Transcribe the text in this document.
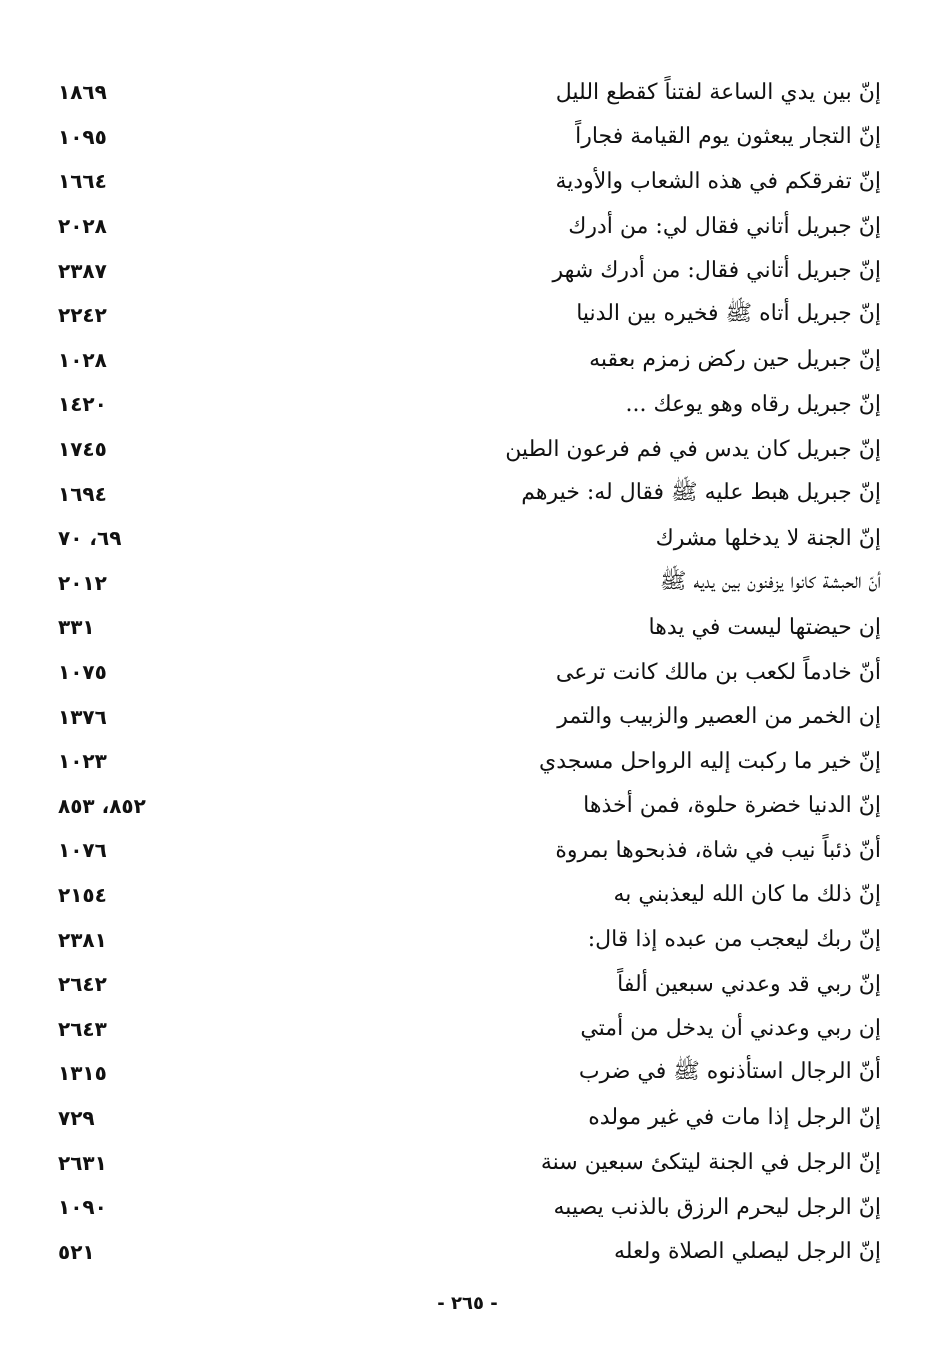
١٨٦٩	إنّ بين يدي الساعة لفتناً كقطع الليل
١٠٩٥	إنّ التجار يبعثون يوم القيامة فجاراً
١٦٦٤	إنّ تفرقكم في هذه الشعاب والأودية
٢٠٢٨	إنّ جبريل أتاني فقال لي: من أدرك
٢٣٨٧	إنّ جبريل أتاني فقال: من أدرك شهر
٢٢٤٢	إنّ جبريل أتاه ﷺ فخيره بين الدنيا
١٠٢٨	إنّ جبريل حين ركض زمزم بعقبه
١٤٢٠	إنّ جبريل رقاه وهو يوعك ...
١٧٤٥	إنّ جبريل كان يدس في فم فرعون الطين
١٦٩٤	إنّ جبريل هبط عليه ﷺ فقال له: خيرهم
٦٩، ٧٠	إنّ الجنة لا يدخلها مشرك
٢٠١٢	أنّ الحبشة كانوا يزفنون بين يديه ﷺ
٣٣١	إن حيضتها ليست في يدها
١٠٧٥	أنّ خادماً لكعب بن مالك كانت ترعى
١٣٧٦	إن الخمر من العصير والزبيب والتمر
١٠٢٣	إنّ خير ما ركبت إليه الرواحل مسجدي
٨٥٢، ٨٥٣	إنّ الدنيا خضرة حلوة، فمن أخذها
١٠٧٦	أنّ ذئباً نيب في شاة، فذبحوها بمروة
٢١٥٤	إنّ ذلك ما كان الله ليعذبني به
٢٣٨١	إنّ ربك ليعجب من عبده إذا قال:
٢٦٤٢	إنّ ربي قد وعدني سبعين ألفاً
٢٦٤٣	إن ربي وعدني أن يدخل من أمتي
١٣١٥	أنّ الرجال استأذنوه ﷺ في ضرب
٧٢٩	إنّ الرجل إذا مات في غير مولده
٢٦٣١	إنّ الرجل في الجنة ليتكئ سبعين سنة
١٠٩٠	إنّ الرجل ليحرم الرزق بالذنب يصيبه
٥٢١	إنّ الرجل ليصلي الصلاة ولعله
- ٢٦٥ -
